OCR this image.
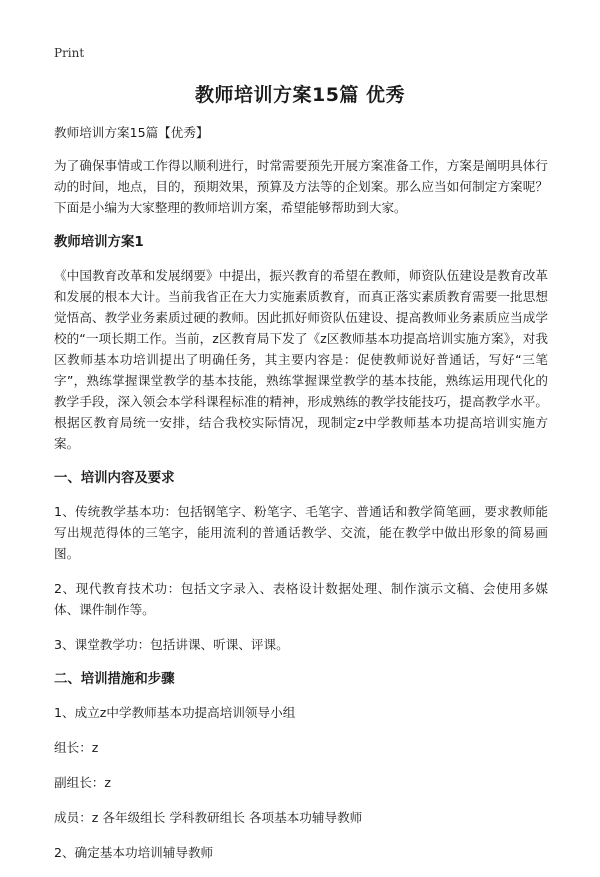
Print
教师培训方案15篇 优秀

教师培训方案15篇【优秀】

为了确保事情或工作得以顺利进行，时常需要预先开展方案准备工作，方案是阐明具体行动的时间，地点，目的，预期效果，预算及方法等的企划案。那么应当如何制定方案呢？下面是小编为大家整理的教师培训方案，希望能够帮助到大家。

教师培训方案1

《中国教育改革和发展纲要》中提出，振兴教育的希望在教师，师资队伍建设是教育改革和发展的根本大计。当前我省正在大力实施素质教育，而真正落实素质教育需要一批思想觉悟高、教学业务素质过硬的教师。因此抓好师资队伍建设、提高教师业务素质应当成学校的“一项长期工作。当前，z区教育局下发了《z区教师基本功提高培训实施方案》，对我区教师基本功培训提出了明确任务，其主要内容是：促使教师说好普通话，写好“三笔字”，熟练掌握课堂教学的基本技能，熟练掌握课堂教学的基本技能，熟练运用现代化的教学手段，深入领会本学科课程标准的精神，形成熟练的教学技能技巧，提高教学水平。根据区教育局统一安排，结合我校实际情况，现制定z中学教师基本功提高培训实施方案。

一、培训内容及要求

1、传统教学基本功：包括钢笔字、粉笔字、毛笔字、普通话和教学简笔画，要求教师能写出规范得体的三笔字，能用流利的普通话教学、交流，能在教学中做出形象的简易画图。

2、现代教育技术功：包括文字录入、表格设计数据处理、制作演示文稿、会使用多媒体、课件制作等。

3、课堂教学功：包括讲课、听课、评课。

二、培训措施和步骤

1、成立z中学教师基本功提高培训领导小组

组长：z

副组长：z

成员：z 各年级组长 学科教研组长 各项基本功辅导教师

2、确定基本功培训辅导教师
